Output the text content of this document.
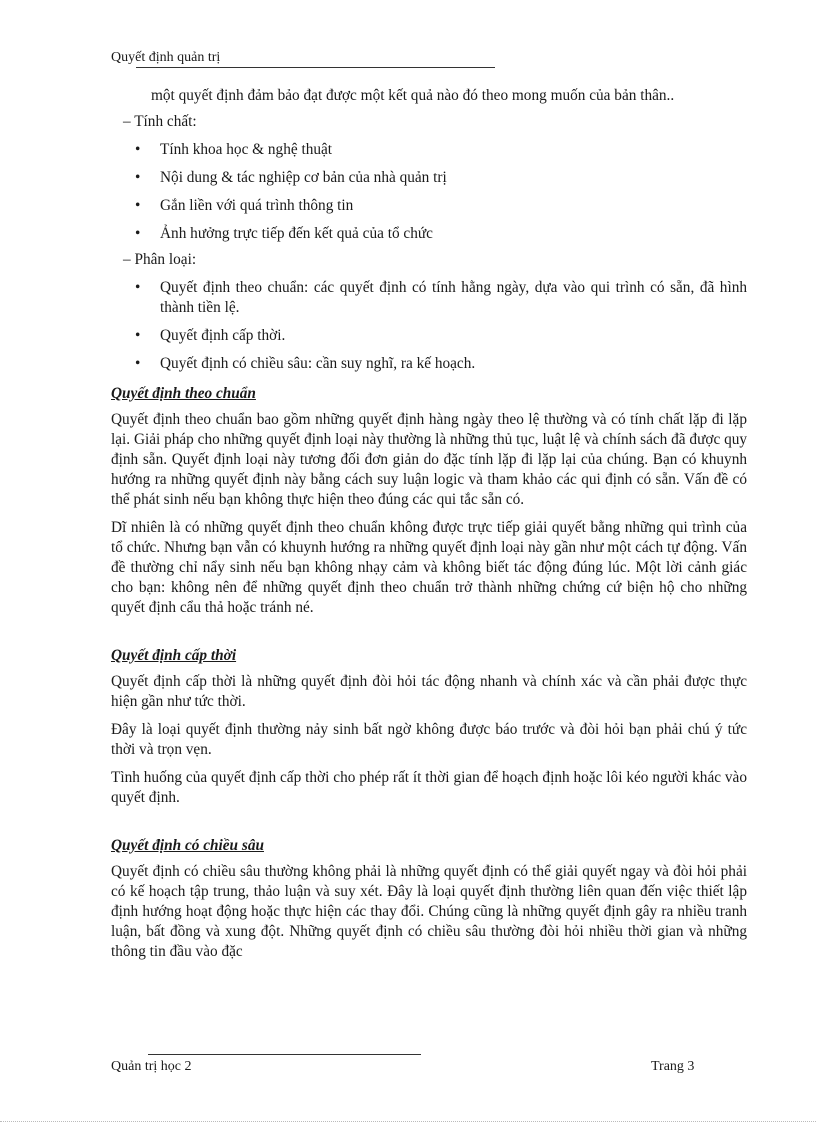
Quyết định quản trị

một quyết định đảm bảo đạt được một kết quả nào đó theo mong muốn của bản thân..

– Tính chất:

• Tính khoa học & nghệ thuật
• Nội dung & tác nghiệp cơ bản của nhà quản trị
• Gắn liền với quá trình thông tin
• Ảnh hưởng trực tiếp đến kết quả của tổ chức

– Phân loại:

• Quyết định theo chuẩn: các quyết định có tính hằng ngày, dựa vào qui trình có sẵn, đã hình thành tiền lệ.
• Quyết định cấp thời.
• Quyết định có chiều sâu: cần suy nghĩ, ra kế hoạch.

Quyết định theo chuẩn

Quyết định theo chuẩn bao gồm những quyết định hàng ngày theo lệ thường và có tính chất lặp đi lặp lại. Giải pháp cho những quyết định loại này thường là những thủ tục, luật lệ và chính sách đã được quy định sẵn. Quyết định loại này tương đối đơn giản do đặc tính lặp đi lặp lại của chúng. Bạn có khuynh hướng ra những quyết định này bằng cách suy luận logic và tham khảo các qui định có sẵn. Vấn đề có thể phát sinh nếu bạn không thực hiện theo đúng các qui tắc sẵn có.

Dĩ nhiên là có những quyết định theo chuẩn không được trực tiếp giải quyết bằng những qui trình của tổ chức. Nhưng bạn vẫn có khuynh hướng ra những quyết định loại này gần như một cách tự động. Vấn đề thường chỉ nẩy sinh nếu bạn không nhạy cảm và không biết tác động đúng lúc. Một lời cảnh giác cho bạn: không nên để những quyết định theo chuẩn trở thành những chứng cứ biện hộ cho những quyết định cẩu thả hoặc tránh né.

Quyết định cấp thời

Quyết định cấp thời là những quyết định đòi hỏi tác động nhanh và chính xác và cần phải được thực hiện gần như tức thời.

Đây là loại quyết định thường nảy sinh bất ngờ không được báo trước và đòi hỏi bạn phải chú ý tức thời và trọn vẹn.

Tình huống của quyết định cấp thời cho phép rất ít thời gian để hoạch định hoặc lôi kéo người khác vào quyết định.

Quyết định có chiều sâu

Quyết định có chiều sâu thường không phải là những quyết định có thể giải quyết ngay và đòi hỏi phải có kế hoạch tập trung, thảo luận và suy xét. Đây là loại quyết định thường liên quan đến việc thiết lập định hướng hoạt động hoặc thực hiện các thay đổi. Chúng cũng là những quyết định gây ra nhiều tranh luận, bất đồng và xung đột. Những quyết định có chiều sâu thường đòi hỏi nhiều thời gian và những thông tin đầu vào đặc

Quản trị học 2	Trang 3
